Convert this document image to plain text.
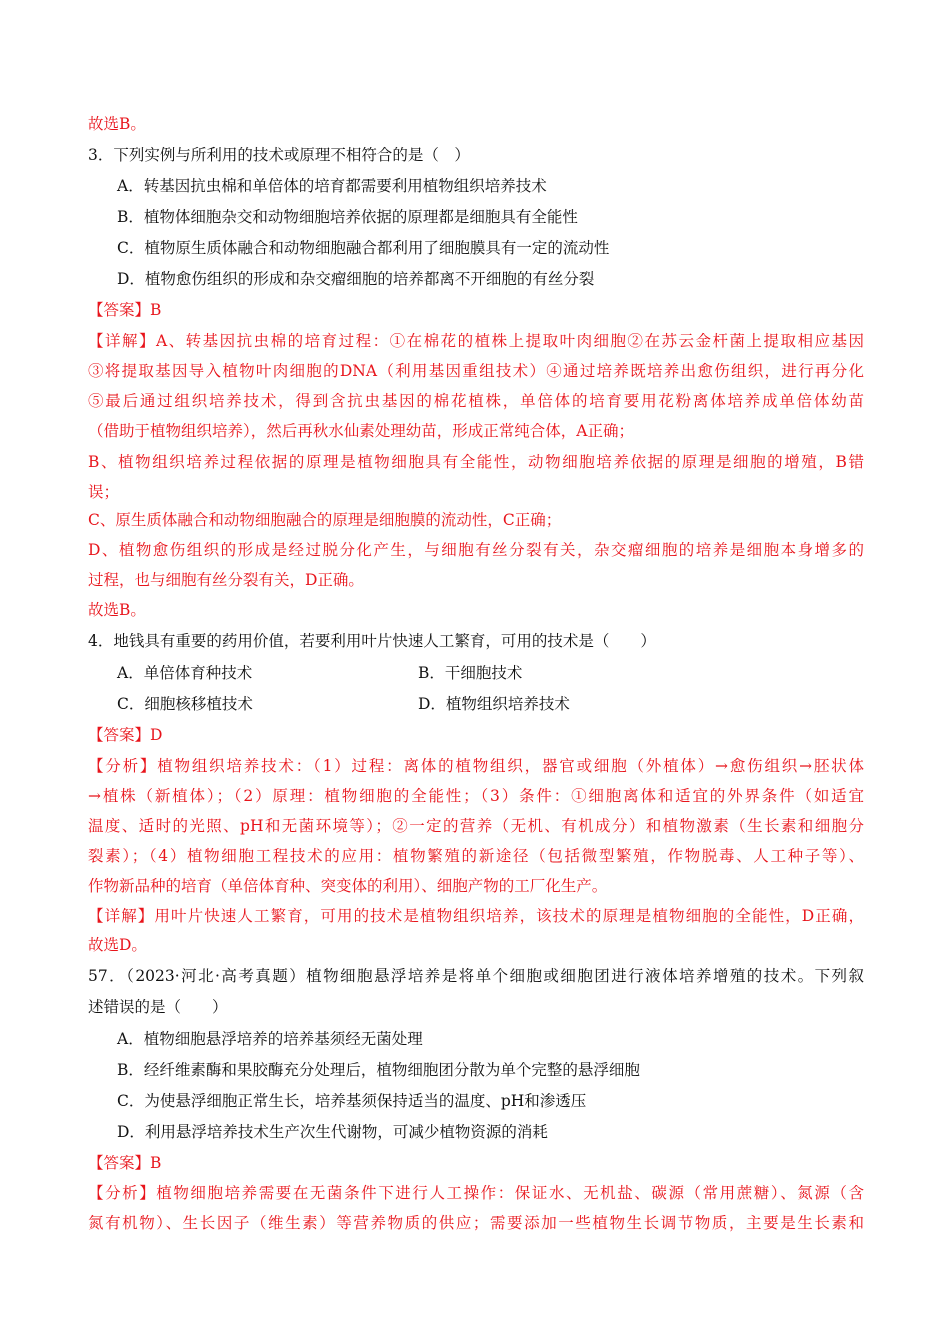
故选B。
3．下列实例与所利用的技术或原理不相符合的是（　）
A．转基因抗虫棉和单倍体的培育都需要利用植物组织培养技术
B．植物体细胞杂交和动物细胞培养依据的原理都是细胞具有全能性
C．植物原生质体融合和动物细胞融合都利用了细胞膜具有一定的流动性
D．植物愈伤组织的形成和杂交瘤细胞的培养都离不开细胞的有丝分裂
【答案】B
【详解】A、转基因抗虫棉的培育过程：①在棉花的植株上提取叶肉细胞②在苏云金杆菌上提取相应基因
③将提取基因导入植物叶肉细胞的DNA（利用基因重组技术）④通过培养既培养出愈伤组织，进行再分化
⑤最后通过组织培养技术，得到含抗虫基因的棉花植株，单倍体的培育要用花粉离体培养成单倍体幼苗
（借助于植物组织培养），然后再秋水仙素处理幼苗，形成正常纯合体，A正确；
B、植物组织培养过程依据的原理是植物细胞具有全能性，动物细胞培养依据的原理是细胞的增殖，B错
误；
C、原生质体融合和动物细胞融合的原理是细胞膜的流动性，C正确；
D、植物愈伤组织的形成是经过脱分化产生，与细胞有丝分裂有关，杂交瘤细胞的培养是细胞本身增多的
过程，也与细胞有丝分裂有关，D正确。
故选B。
4．地钱具有重要的药用价值，若要利用叶片快速人工繁育，可用的技术是（　　）
A．单倍体育种技术	B．干细胞技术
C．细胞核移植技术	D．植物组织培养技术
【答案】D
【分析】植物组织培养技术：（1）过程：离体的植物组织，器官或细胞（外植体）→愈伤组织→胚状体
→植株（新植体）；（2）原理：植物细胞的全能性；（3）条件：①细胞离体和适宜的外界条件（如适宜
温度、适时的光照、pH和无菌环境等）；②一定的营养（无机、有机成分）和植物激素（生长素和细胞分
裂素）；（4）植物细胞工程技术的应用：植物繁殖的新途径（包括微型繁殖，作物脱毒、人工种子等）、
作物新品种的培育（单倍体育种、突变体的利用）、细胞产物的工厂化生产。
【详解】用叶片快速人工繁育，可用的技术是植物组织培养，该技术的原理是植物细胞的全能性，D正确，
故选D。
57．（2023·河北·高考真题）植物细胞悬浮培养是将单个细胞或细胞团进行液体培养增殖的技术。下列叙
述错误的是（　　）
A．植物细胞悬浮培养的培养基须经无菌处理
B．经纤维素酶和果胶酶充分处理后，植物细胞团分散为单个完整的悬浮细胞
C．为使悬浮细胞正常生长，培养基须保持适当的温度、pH和渗透压
D．利用悬浮培养技术生产次生代谢物，可减少植物资源的消耗
【答案】B
【分析】植物细胞培养需要在无菌条件下进行人工操作：保证水、无机盐、碳源（常用蔗糖）、氮源（含
氮有机物）、生长因子（维生素）等营养物质的供应；需要添加一些植物生长调节物质，主要是生长素和
